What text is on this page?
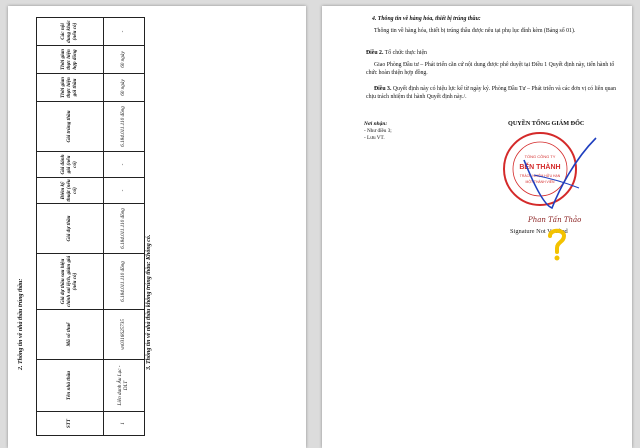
2. Thông tin về nhà thầu trúng thầu:
STT	Tên nhà thầu	Mã số thuế	Giá dự thầu sau hiệu chỉnh sai lệch, giảm giá (nếu có)	Giá dự thầu	Điểm kỹ thuật (nếu có)	Giá đánh giá (nếu có)	Giá trúng thầu	Thời gian thực hiện gói thầu	Thời gian thực hiện hợp đồng	Các nội dung khác (nếu có)
1	Liên danh Âu Lạc - DLT	vn0316625735	6.184.011.110 đồng	6.184.011.110 đồng	-	-	6.184.011.110 đồng	60 ngày	60 ngày	-
3. Thông tin về nhà thầu không trúng thầu: Không có.
4. Thông tin về hàng hóa, thiết bị trúng thầu:
Thông tin về hàng hóa, thiết bị trúng thầu được nêu tại phụ lục đính kèm (Bảng số 01).
Điều 2. Tổ chức thực hiện
Giao Phòng Đầu tư – Phát triển căn cứ nội dung được phê duyệt tại Điều 1 Quyết định này, tiến hành tổ chức hoàn thiện hợp đồng.
Điều 3. Quyết định này có hiệu lực kể từ ngày ký. Phòng Đầu Tư – Phát triển và các đơn vị có liên quan chịu trách nhiệm thi hành Quyết định này./.
Nơi nhận:
- Như điều 3;
- Lưu VT.
QUYỀN TỔNG GIÁM ĐỐC
TỔNG CÔNG TY
BẾN THÀNH
TRÁCH NHIỆM HỮU HẠN
MỘT THÀNH VIÊN
Phan Tấn Thảo
Signature Not Verified
